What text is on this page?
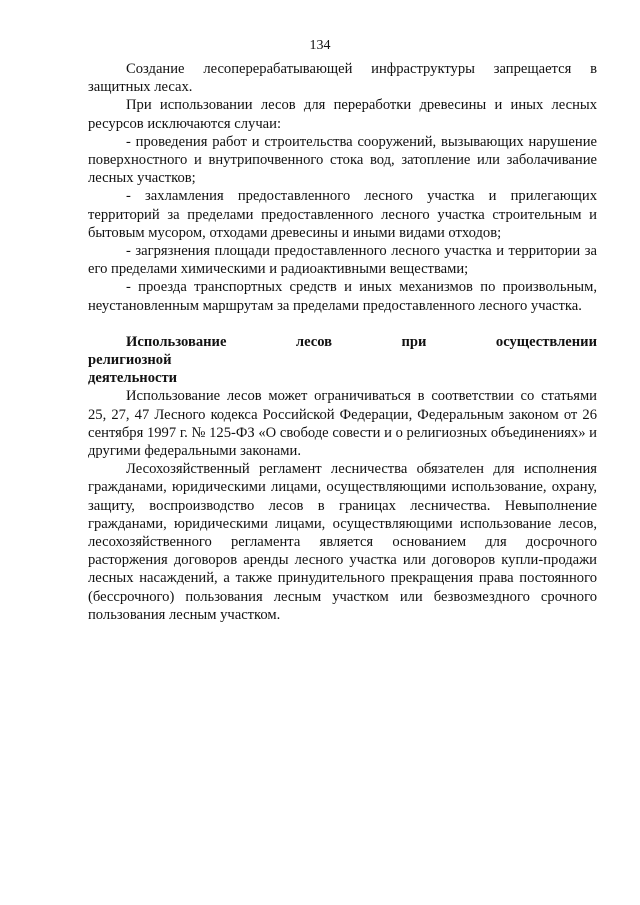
134

Создание лесоперерабатывающей инфраструктуры запрещается в защитных лесах.

При использовании лесов для переработки древесины и иных лесных ресурсов исключаются случаи:

- проведения работ и строительства сооружений, вызывающих нарушение поверхностного и внутрипочвенного стока вод, затопление или заболачивание лесных участков;

- захламления предоставленного лесного участка и прилегающих территорий за пределами предоставленного лесного участка строительным и бытовым мусором, отходами древесины и иными видами отходов;

- загрязнения площади предоставленного лесного участка и территории за его пределами химическими и радиоактивными веществами;

- проезда транспортных средств и иных механизмов по произвольным, неустановленным маршрутам за пределами предоставленного лесного участка.

Использование лесов при осуществлении религиозной
деятельности

Использование лесов может ограничиваться в соответствии со статьями 25, 27, 47 Лесного кодекса Российской Федерации, Федеральным законом от 26 сентября 1997 г. № 125-ФЗ «О свободе совести и о религиозных объединениях» и другими федеральными законами.

Лесохозяйственный регламент лесничества обязателен для исполнения гражданами, юридическими лицами, осуществляющими использование, охрану, защиту, воспроизводство лесов в границах лесничества. Невыполнение гражданами, юридическими лицами, осуществляющими использование лесов, лесохозяйственного регламента является основанием для досрочного расторжения договоров аренды лесного участка или договоров купли-продажи лесных насаждений, а также принудительного прекращения права постоянного (бессрочного) пользования лесным участком или безвозмездного срочного пользования лесным участком.
